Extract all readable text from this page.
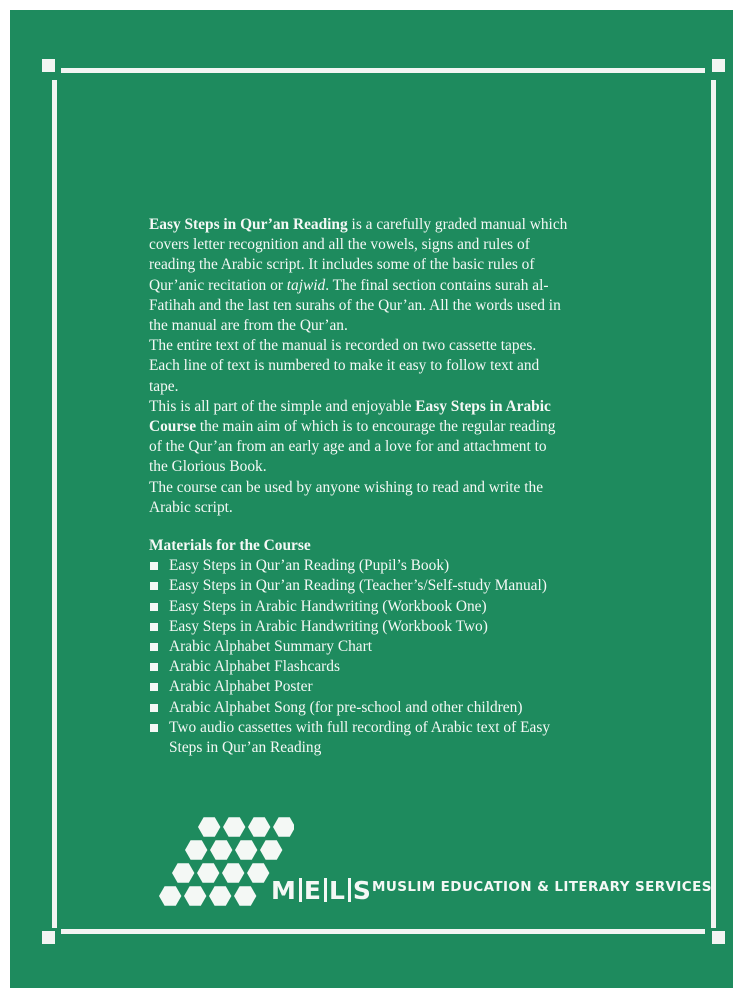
Easy Steps in Qur’an Reading is a carefully graded manual which covers letter recognition and all the vowels, signs and rules of reading the Arabic script. It includes some of the basic rules of Qur’anic recitation or tajwid. The final section contains surah al-Fatihah and the last ten surahs of the Qur’an. All the words used in the manual are from the Qur’an.

The entire text of the manual is recorded on two cassette tapes. Each line of text is numbered to make it easy to follow text and tape.

This is all part of the simple and enjoyable Easy Steps in Arabic Course the main aim of which is to encourage the regular reading of the Qur’an from an early age and a love for and attachment to the Glorious Book.

The course can be used by anyone wishing to read and write the Arabic script.

Materials for the Course

Easy Steps in Qur’an Reading (Pupil’s Book)
Easy Steps in Qur’an Reading (Teacher’s/Self-study Manual)
Easy Steps in Arabic Handwriting (Workbook One)
Easy Steps in Arabic Handwriting (Workbook Two)
Arabic Alphabet Summary Chart
Arabic Alphabet Flashcards
Arabic Alphabet Poster
Arabic Alphabet Song (for pre-school and other children)
Two audio cassettes with full recording of Arabic text of Easy Steps in Qur’an Reading
M E L S MUSLIM EDUCATION & LITERARY SERVICES
